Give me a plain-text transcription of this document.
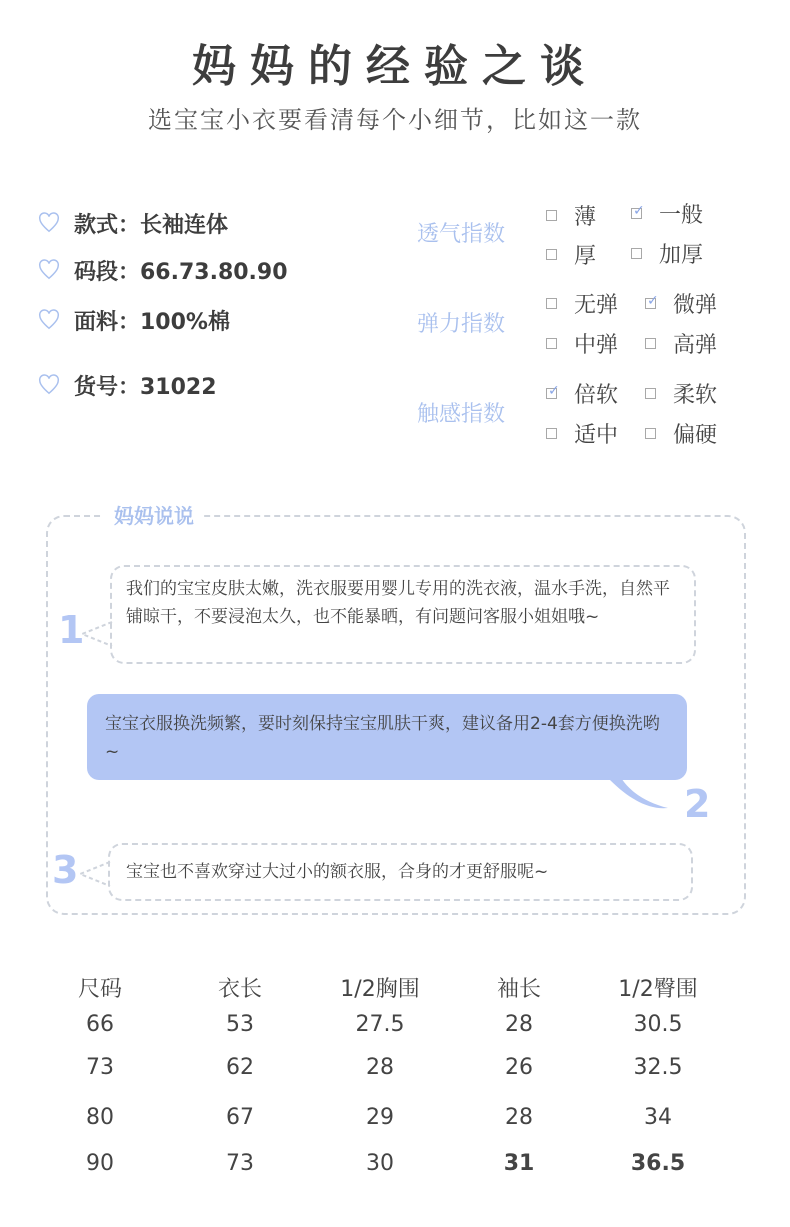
妈妈的经验之谈
选宝宝小衣要看清每个小细节，比如这一款
款式：长袖连体
码段：66.73.80.90
面料：100%棉
货号：31022
透气指数
薄	✓ 一般
厚	加厚
弹力指数
无弹 ✓ 微弹
中弹 高弹
触感指数
✓ 倍软 柔软
适中 偏硬
妈妈说说
1
我们的宝宝皮肤太嫩，洗衣服要用婴儿专用的洗衣液，温水手洗，自然平铺晾干，不要浸泡太久，也不能暴晒，有问题问客服小姐姐哦~
宝宝衣服换洗频繁，要时刻保持宝宝肌肤干爽，建议备用2-4套方便换洗哟~
2
3	宝宝也不喜欢穿过大过小的额衣服，合身的才更舒服呢~
尺码	衣长	1/2胸围	袖长	1/2臀围
66	53	27.5	28	30.5
73	62	28	26	32.5
80	67	29	28	34
90	73	30	31	36.5
